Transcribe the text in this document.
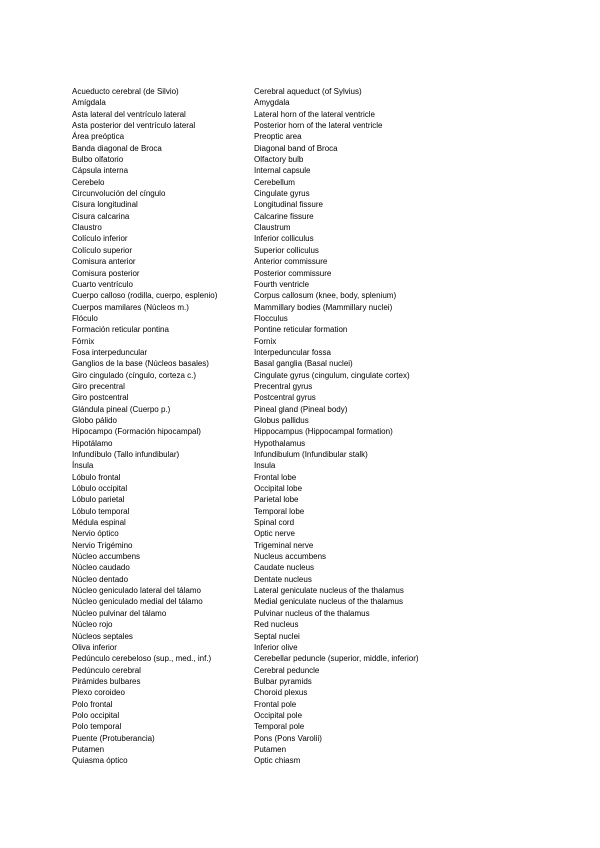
Acueducto cerebral (de Silvio)	Cerebral aqueduct (of Sylvius)
Amígdala	Amygdala
Asta lateral del ventrículo lateral	Lateral horn of the lateral ventricle
Asta posterior del ventrículo lateral	Posterior horn of the lateral ventricle
Área preóptica	Preoptic area
Banda diagonal de Broca	Diagonal band of Broca
Bulbo olfatorio	Olfactory bulb
Cápsula interna	Internal capsule
Cerebelo	Cerebellum
Circunvolución del cíngulo	Cingulate gyrus
Cisura longitudinal	Longitudinal fissure
Cisura calcarina	Calcarine fissure
Claustro	Claustrum
Colículo inferior	Inferior colliculus
Colículo superior	Superior colliculus
Comisura anterior	Anterior commissure
Comisura posterior	Posterior commissure
Cuarto ventrículo	Fourth ventricle
Cuerpo calloso (rodilla, cuerpo, esplenio)	Corpus callosum (knee, body, splenium)
Cuerpos mamilares (Núcleos m.)	Mammillary bodies (Mammillary nuclei)
Flóculo	Flocculus
Formación reticular pontina	Pontine reticular formation
Fórnix	Fornix
Fosa interpeduncular	Interpeduncular fossa
Ganglios de la base (Núcleos basales)	Basal ganglia (Basal nuclei)
Giro cingulado (cíngulo, corteza c.)	Cingulate gyrus (cingulum, cingulate cortex)
Giro precentral	Precentral gyrus
Giro postcentral	Postcentral gyrus
Glándula pineal (Cuerpo p.)	Pineal gland (Pineal body)
Globo pálido	Globus pallidus
Hipocampo (Formación hipocampal)	Hippocampus (Hippocampal formation)
Hipotálamo	Hypothalamus
Infundíbulo (Tallo infundibular)	Infundibulum (Infundibular stalk)
Ínsula	Insula
Lóbulo frontal	Frontal lobe
Lóbulo occipital	Occipital lobe
Lóbulo parietal	Parietal lobe
Lóbulo temporal	Temporal lobe
Médula espinal	Spinal cord
Nervio óptico	Optic nerve
Nervio Trigémino	Trigeminal nerve
Núcleo accumbens	Nucleus accumbens
Núcleo caudado	Caudate nucleus
Núcleo dentado	Dentate nucleus
Núcleo geniculado lateral del tálamo	Lateral geniculate nucleus of the thalamus
Núcleo geniculado medial del tálamo	Medial geniculate nucleus of the thalamus
Núcleo pulvinar del tálamo	Pulvinar nucleus of the thalamus
Núcleo rojo	Red nucleus
Núcleos septales	Septal nuclei
Oliva inferior	Inferior olive
Pedúnculo cerebeloso (sup., med., inf.)	Cerebellar peduncle (superior, middle, inferior)
Pedúnculo cerebral	Cerebral peduncle
Pirámides bulbares	Bulbar pyramids
Plexo coroideo	Choroid plexus
Polo frontal	Frontal pole
Polo occipital	Occipital pole
Polo temporal	Temporal pole
Puente (Protuberancia)	Pons (Pons Varolii)
Putamen	Putamen
Quiasma óptico	Optic chiasm
